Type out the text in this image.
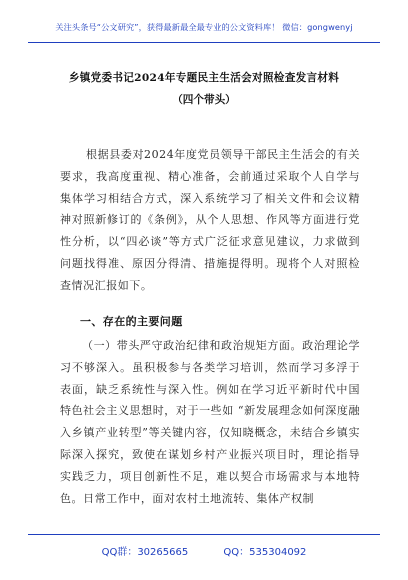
关注头条号“公文研究”，获得最新最全最专业的公文资料库！ 微信：gongwenyj
乡镇党委书记2024年专题民主生活会对照检查发言材料
（四个带头）

根据县委对2024年度党员领导干部民主生活会的有关要求，我高度重视、精心准备，会前通过采取个人自学与集体学习相结合方式，深入系统学习了相关文件和会议精神对照新修订的《条例》，从个人思想、作风等方面进行党性分析，以“四必谈”等方式广泛征求意见建议，力求做到问题找得准、原因分得清、措施提得明。现将个人对照检查情况汇报如下。

一、存在的主要问题

（一）带头严守政治纪律和政治规矩方面。政治理论学习不够深入。虽积极参与各类学习培训，然而学习多浮于表面，缺乏系统性与深入性。例如在学习近平新时代中国特色社会主义思想时，对于一些如 “新发展理念如何深度融入乡镇产业转型”等关键内容，仅知晓概念，未结合乡镇实际深入探究，致使在谋划乡村产业振兴项目时，理论指导实践乏力，项目创新性不足，难以契合市场需求与本地特色。日常工作中，面对农村土地流转、集体产权制

QQ群：30265665	QQ：535304092
